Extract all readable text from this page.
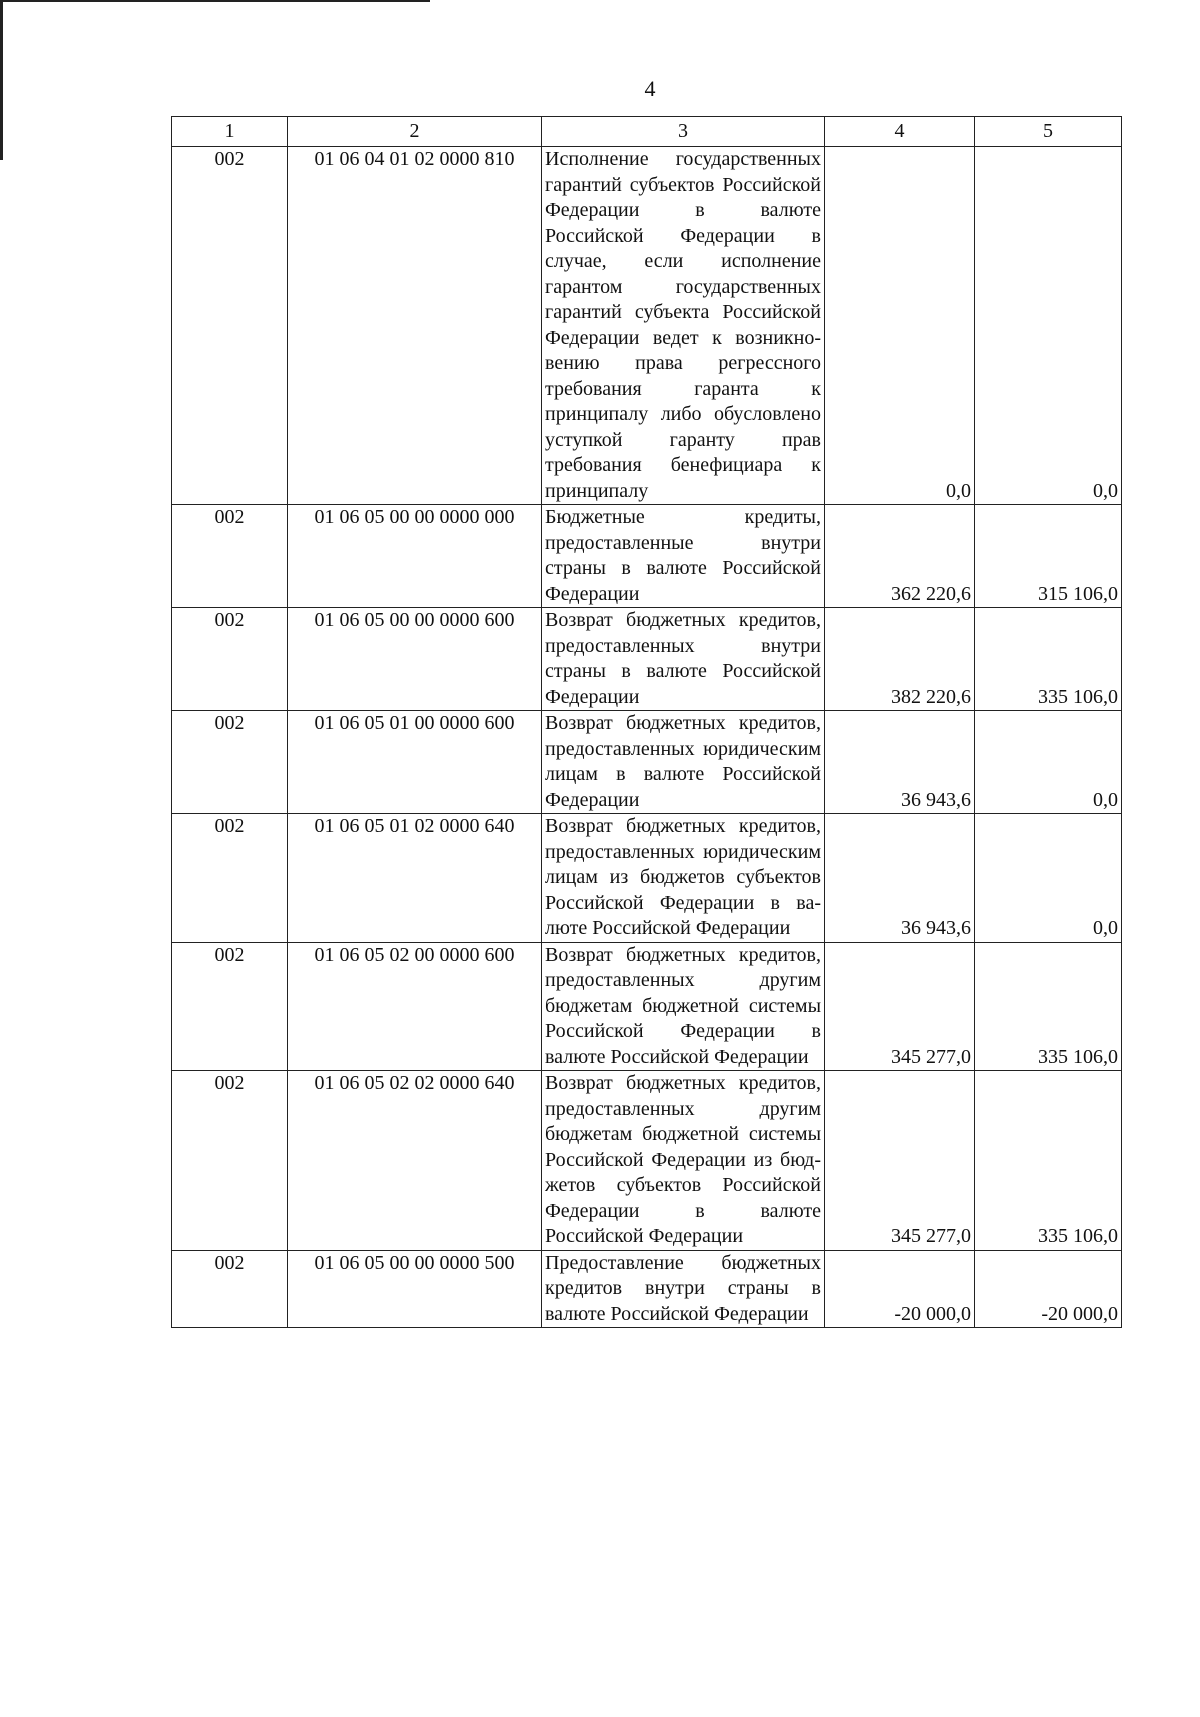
4
1	2	3	4	5
002	01 06 04 01 02 0000 810	Исполнение государственных гарантий субъектов Российской Федерации в валюте Российской Федерации в случае, если исполнение гарантом государственных гарантий субъекта Российской Федерации ведет к возникновению права регрессного требования гаранта к принципалу либо обусловлено уступкой гаранту прав требования бенефициара к принципалу	0,0	0,0
002	01 06 05 00 00 0000 000	Бюджетные кредиты, предоставленные внутри страны в валюте Российской Федерации	362 220,6	315 106,0
002	01 06 05 00 00 0000 600	Возврат бюджетных кредитов, предоставленных внутри страны в валюте Российской Федерации	382 220,6	335 106,0
002	01 06 05 01 00 0000 600	Возврат бюджетных кредитов, предоставленных юридическим лицам в валюте Российской Федерации	36 943,6	0,0
002	01 06 05 01 02 0000 640	Возврат бюджетных кредитов, предоставленных юридическим лицам из бюджетов субъектов Российской Федерации в валюте Российской Федерации	36 943,6	0,0
002	01 06 05 02 00 0000 600	Возврат бюджетных кредитов, предоставленных другим бюджетам бюджетной системы Российской Федерации в валюте Российской Федерации	345 277,0	335 106,0
002	01 06 05 02 02 0000 640	Возврат бюджетных кредитов, предоставленных другим бюджетам бюджетной системы Российской Федерации из бюджетов субъектов Российской Федерации в валюте Российской Федерации	345 277,0	335 106,0
002	01 06 05 00 00 0000 500	Предоставление бюджетных кредитов внутри страны в валюте Российской Федерации	-20 000,0	-20 000,0
